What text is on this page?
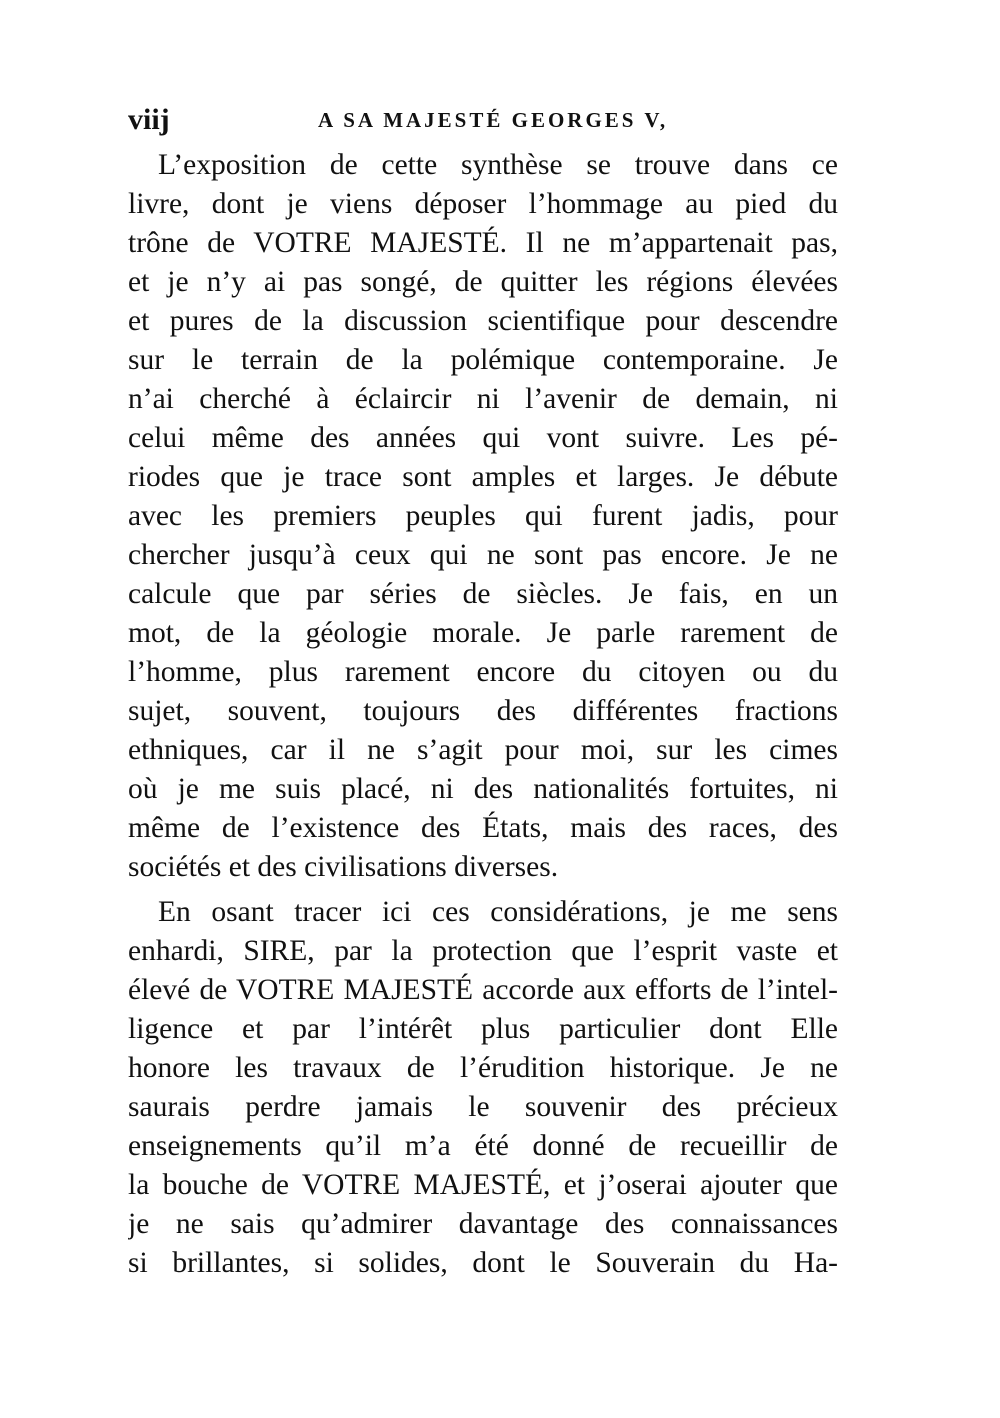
viij	A SA MAJESTÉ GEORGES V,
L’exposition de cette synthèse se trouve dans ce
livre, dont je viens déposer l’hommage au pied du
trône de VOTRE MAJESTÉ. Il ne m’appartenait pas,
et je n’y ai pas songé, de quitter les régions élevées
et pures de la discussion scientifique pour descendre
sur le terrain de la polémique contemporaine. Je
n’ai cherché à éclaircir ni l’avenir de demain, ni
celui même des années qui vont suivre. Les pé-
riodes que je trace sont amples et larges. Je débute
avec les premiers peuples qui furent jadis, pour
chercher jusqu’à ceux qui ne sont pas encore. Je ne
calcule que par séries de siècles. Je fais, en un
mot, de la géologie morale. Je parle rarement de
l’homme, plus rarement encore du citoyen ou du
sujet, souvent, toujours des différentes fractions
ethniques, car il ne s’agit pour moi, sur les cimes
où je me suis placé, ni des nationalités fortuites, ni
même de l’existence des États, mais des races, des
sociétés et des civilisations diverses.
En osant tracer ici ces considérations, je me sens
enhardi, SIRE, par la protection que l’esprit vaste et
élevé de VOTRE MAJESTÉ accorde aux efforts de l’intel-
ligence et par l’intérêt plus particulier dont Elle
honore les travaux de l’érudition historique. Je ne
saurais perdre jamais le souvenir des précieux
enseignements qu’il m’a été donné de recueillir de
la bouche de VOTRE MAJESTÉ, et j’oserai ajouter que
je ne sais qu’admirer davantage des connaissances
si brillantes, si solides, dont le Souverain du Ha-
